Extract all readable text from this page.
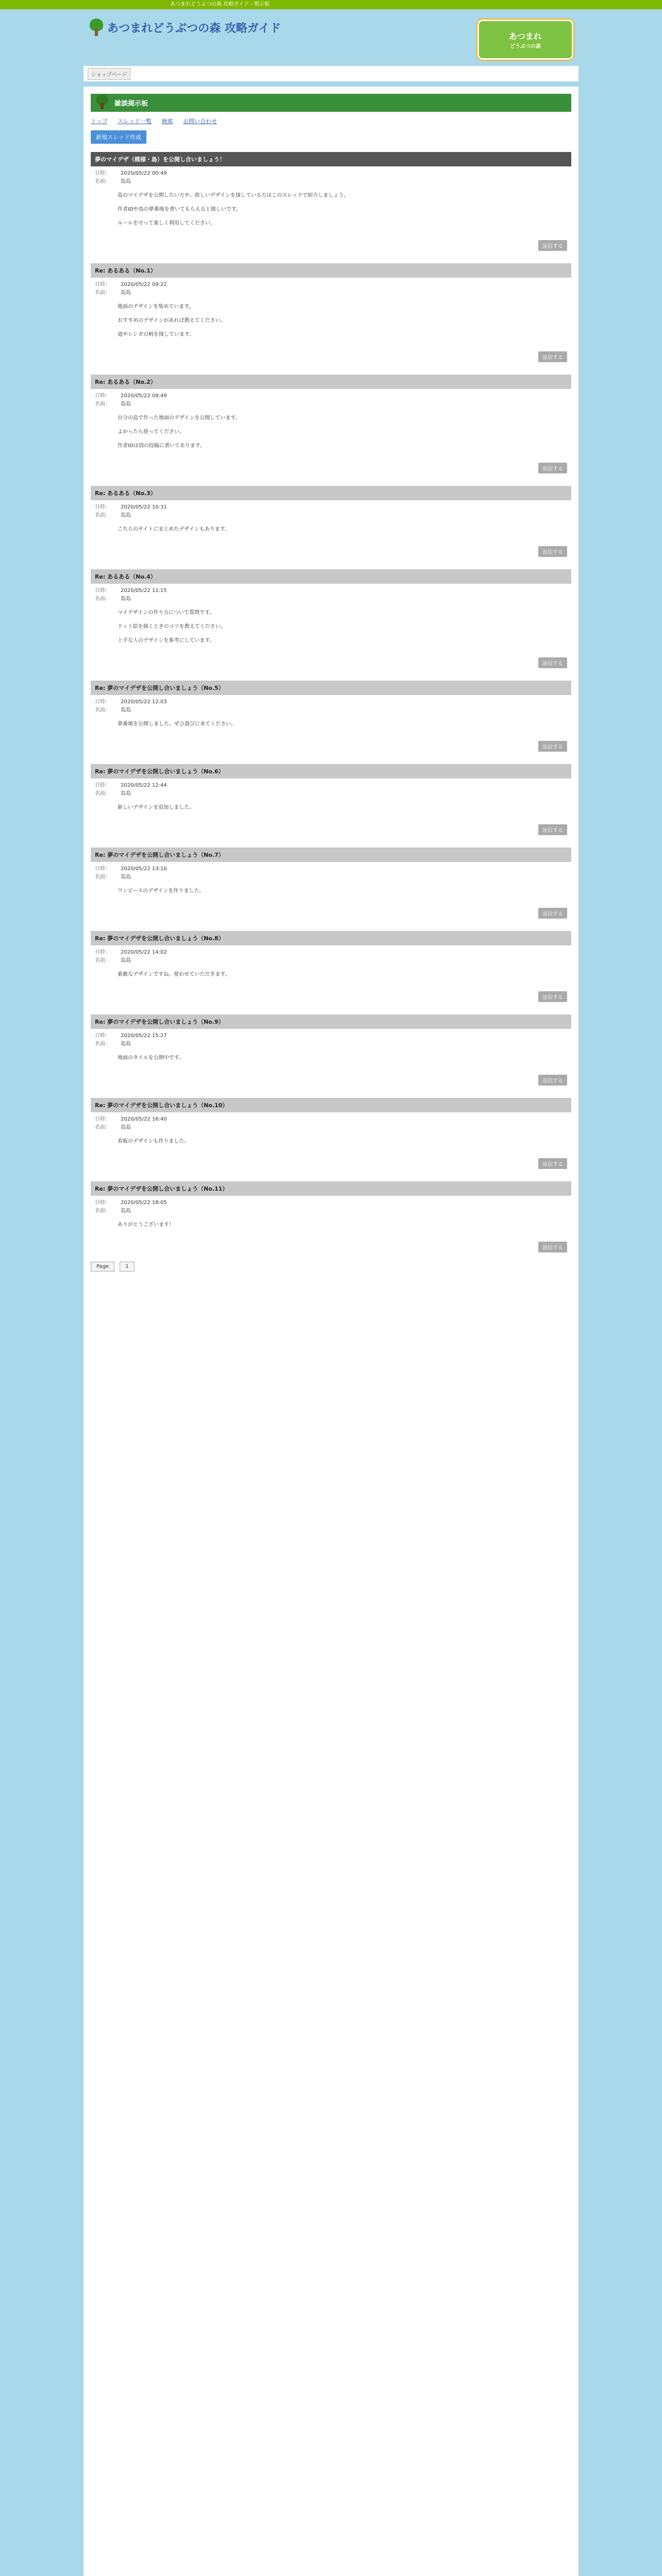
あつまれどうぶつの森 攻略ガイド - 掲示板
あつまれどうぶつの森 攻略ガイド
あつまれ
どうぶつの森
ショップページ
雑談掲示板
トップ スレッド一覧 検索 お問い合わせ
新規スレッド作成
夢のマイデザ（模様・島）を公開し合いましょう！
日時： 2020/05/22 00:49
名前： 島島

島のマイデザを公開したい方や、欲しいデザインを探している方はこのスレッドで紹介しましょう。

作者IDや島の夢番地を書いてもらえると嬉しいです。

ルールを守って楽しく利用してください。

返信する
Re: あるある（No.1）
日時： 2020/05/22 09:22
名前： 島島

地面のデザインを集めています。

おすすめのデザインがあれば教えてください。

道やレンガの柄を探しています。

返信する
Re: あるある（No.2）
日時： 2020/05/22 09:49
名前： 島島

自分の島で作った地面のデザインを公開しています。

よかったら使ってください。

作者IDは別の投稿に書いてあります。

返信する
Re: あるある（No.3）
日時： 2020/05/22 10:31
名前： 島島

こちらのサイトにまとめたデザインもあります。

返信する
Re: あるある（No.4）
日時： 2020/05/22 11:15
名前： 島島

マイデザインの作り方について質問です。

ドット絵を描くときのコツを教えてください。

上手な人のデザインを参考にしています。

返信する
Re: 夢のマイデザを公開し合いましょう（No.5）
日時： 2020/05/22 12:03
名前： 島島

夢番地を公開しました。ぜひ遊びに来てください。

返信する
Re: 夢のマイデザを公開し合いましょう（No.6）
日時： 2020/05/22 12:44
名前： 島島

新しいデザインを追加しました。

返信する
Re: 夢のマイデザを公開し合いましょう（No.7）
日時： 2020/05/22 13:10
名前： 島島

ワンピースのデザインを作りました。

返信する
Re: 夢のマイデザを公開し合いましょう（No.8）
日時： 2020/05/22 14:02
名前： 島島

素敵なデザインですね。使わせていただきます。

返信する
Re: 夢のマイデザを公開し合いましょう（No.9）
日時： 2020/05/22 15:27
名前： 島島

地面のタイルを公開中です。

返信する
Re: 夢のマイデザを公開し合いましょう（No.10）
日時： 2020/05/22 16:40
名前： 島島

看板のデザインも作りました。

返信する
Re: 夢のマイデザを公開し合いましょう（No.11）
日時： 2020/05/22 18:05
名前： 島島

ありがとうございます！

返信する
Page	1
